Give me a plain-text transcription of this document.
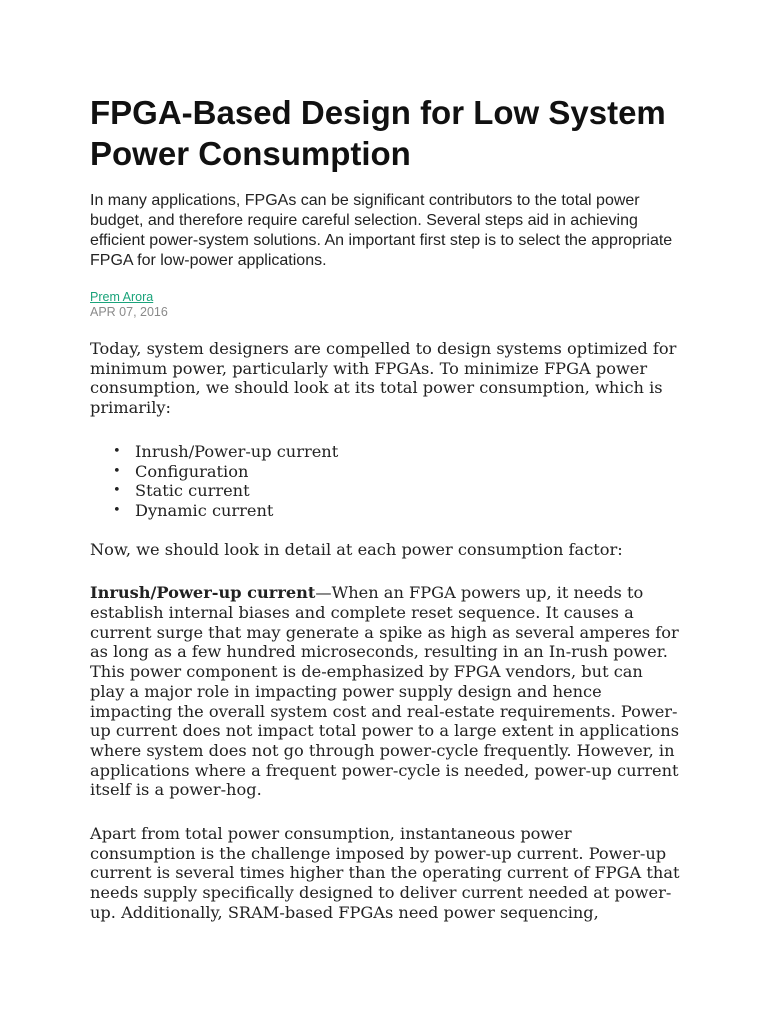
FPGA-Based Design for Low System Power Consumption

In many applications, FPGAs can be significant contributors to the total power budget, and therefore require careful selection. Several steps aid in achieving efficient power-system solutions. An important first step is to select the appropriate FPGA for low-power applications.

Prem Arora
APR 07, 2016

Today, system designers are compelled to design systems optimized for minimum power, particularly with FPGAs. To minimize FPGA power consumption, we should look at its total power consumption, which is primarily:

• Inrush/Power-up current
• Configuration
• Static current
• Dynamic current

Now, we should look in detail at each power consumption factor:

Inrush/Power-up current—When an FPGA powers up, it needs to establish internal biases and complete reset sequence. It causes a current surge that may generate a spike as high as several amperes for as long as a few hundred microseconds, resulting in an In-rush power. This power component is de-emphasized by FPGA vendors, but can play a major role in impacting power supply design and hence impacting the overall system cost and real-estate requirements. Power-up current does not impact total power to a large extent in applications where system does not go through power-cycle frequently. However, in applications where a frequent power-cycle is needed, power-up current itself is a power-hog.

Apart from total power consumption, instantaneous power consumption is the challenge imposed by power-up current. Power-up current is several times higher than the operating current of FPGA that needs supply specifically designed to deliver current needed at power-up. Additionally, SRAM-based FPGAs need power sequencing,
